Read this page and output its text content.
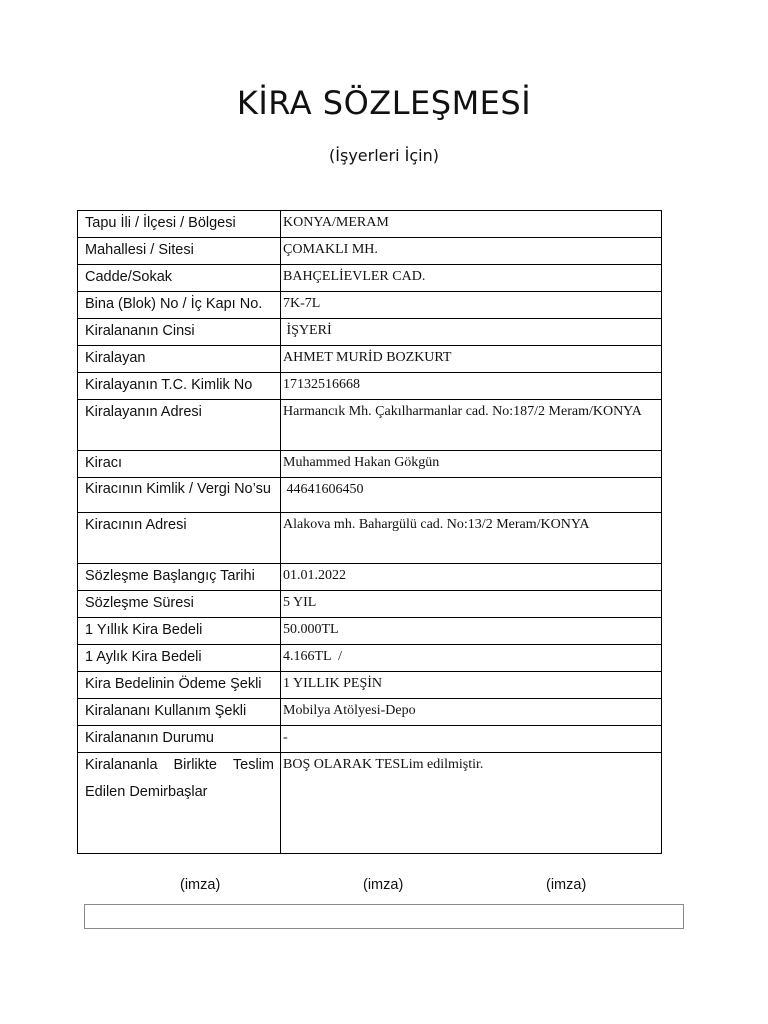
KİRA SÖZLEŞMESİ
(İşyerleri İçin)
Tapu İli / İlçesi / Bölgesi	KONYA/MERAM
Mahallesi / Sitesi	ÇOMAKLI MH.
Cadde/Sokak	BAHÇELİEVLER CAD.
Bina (Blok) No / İç Kapı No.	7K-7L
Kiralananın Cinsi	İŞYERİ
Kiralayan	AHMET MURİD BOZKURT
Kiralayanın T.C. Kimlik No	17132516668
Kiralayanın Adresi	Harmancık Mh. Çakılharmanlar cad. No:187/2 Meram/KONYA
Kiracı	Muhammed Hakan Gökgün
Kiracının Kimlik / Vergi No’su	44641606450
Kiracının Adresi	Alakova mh. Bahargülü cad. No:13/2 Meram/KONYA
Sözleşme Başlangıç Tarihi	01.01.2022
Sözleşme Süresi	5 YIL
1 Yıllık Kira Bedeli	50.000TL
1 Aylık Kira Bedeli	4.166TL  /
Kira Bedelinin Ödeme Şekli	1 YILLIK PEŞİN
Kiralananı Kullanım Şekli	Mobilya Atölyesi-Depo
Kiralananın Durumu	-

Kiralananla Birlikte Teslim
Edilen Demirbaşlar	BOŞ OLARAK TESLim edilmiştir.
(imza)	(imza)	(imza)
